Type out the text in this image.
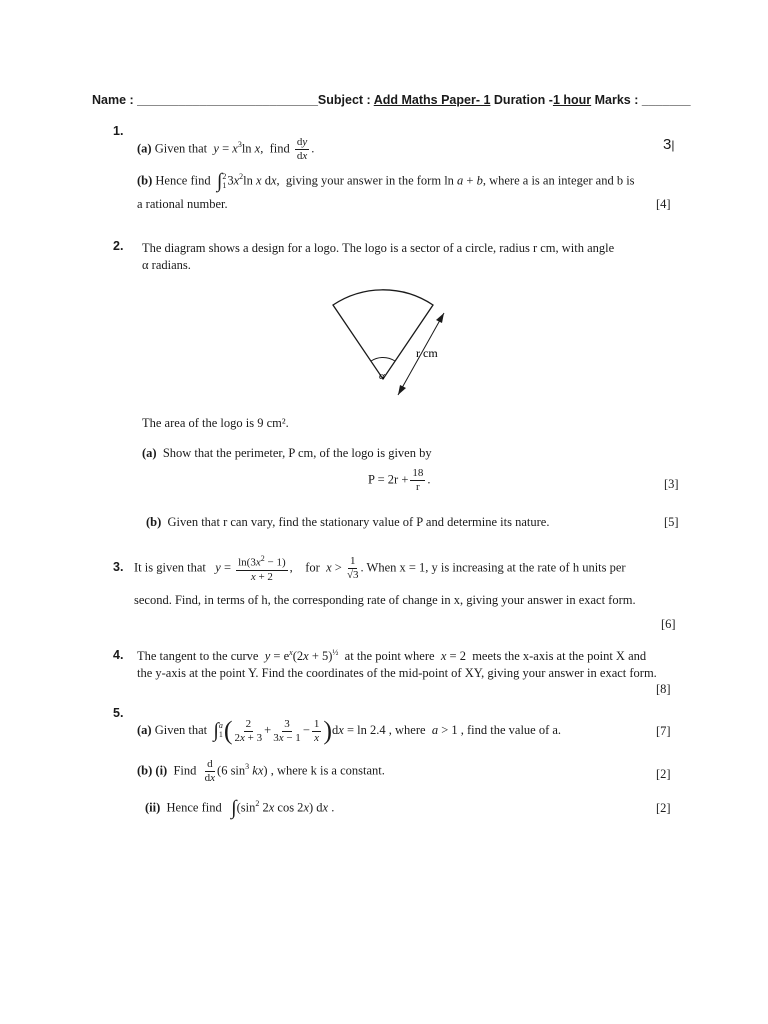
Name : __________________________Subject : Add Maths Paper- 1 Duration -1 hour Marks : _______
1.
(a) Given that $y = x^3\ln$ x,  find $\frac{dy}{dx}$ .	3|
(b) Hence find ∫ 2
1 $3x^2\ln$ x dx,  giving your answer in the form ln a + b, where a is an integer and b is
a rational number.	[4]
2. The diagram shows a design for a logo. The logo is a sector of a circle, radius r cm, with angle
α radians.
r cm
α
The area of the logo is 9 cm².
(a) Show that the perimeter, P cm, of the logo is given by
$P = 2r + \frac{18}{r}$ .	[3]
(b) Given that r can vary, find the stationary value of P and determine its nature.	[5]
3. It is given that $y = \frac{\ln(3x^2 - 1)}{x + 2}$ ,    for $x > \frac{1}{√3}$ . When x = 1, y is increasing at the rate of h units per
second. Find, in terms of h, the corresponding rate of change in x, giving your answer in exact form.
[6]
4. The tangent to the curve $y = e^x(2x + 5)^{\frac{1}{2}}$ at the point where x = 2  meets the x-axis at the point X and
the y-axis at the point Y. Find the coordinates of the mid-point of XY, giving your answer in exact form.
[8]
5.
(a) Given that ∫ a
1 ( $\frac{2}{2x + 3} + \frac{3}{3x - 1} - \frac{1}{x} )dx = \ln 2.4$ , where a > 1 , find the value of a.	[7]
(b) (i) Find $\frac{d}{dx} (6$ $\sin^3 kx$) , where k is a constant.	[2]
(ii) Hence find $\int(\sin^2$ 2x cos 2x) dx .	[2]
